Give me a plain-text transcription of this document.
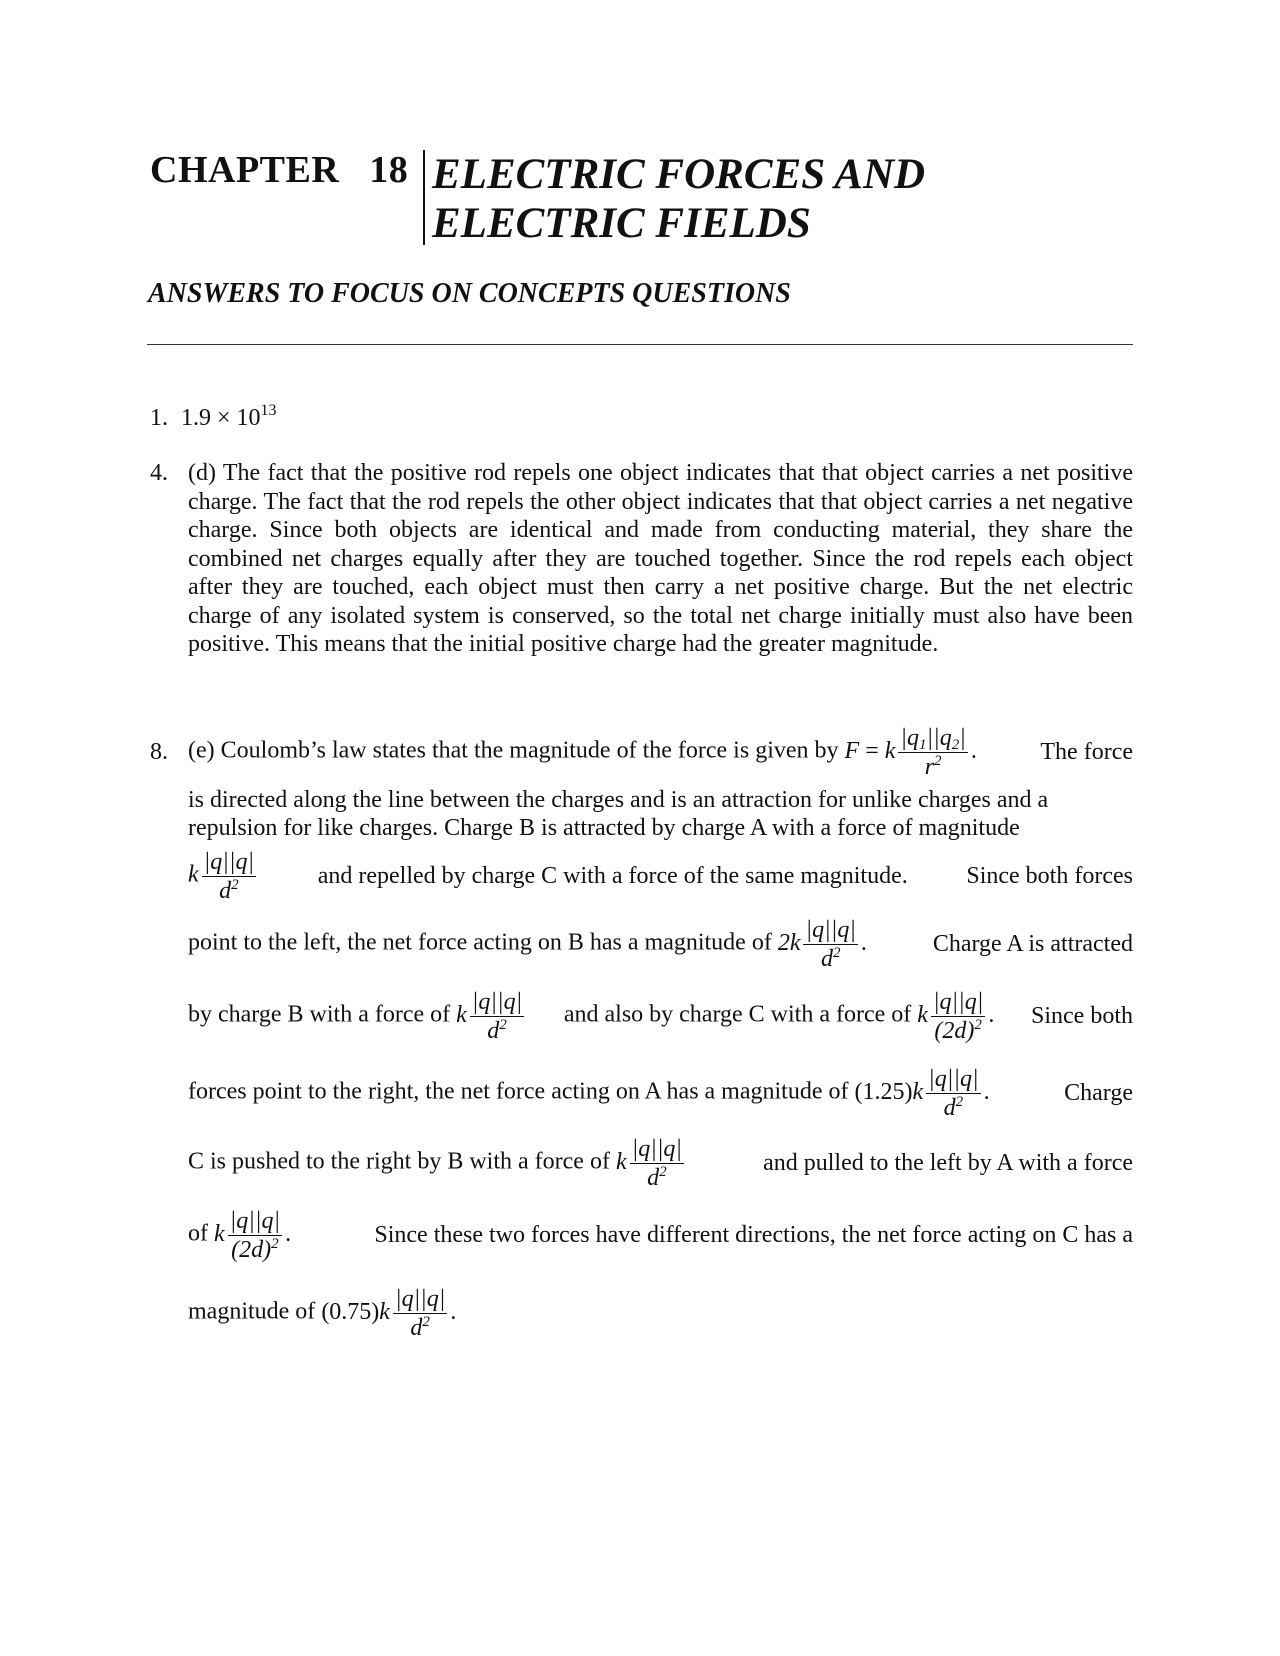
CHAPTER 18 ELECTRIC FORCES AND
ELECTRIC FIELDS
ANSWERS TO FOCUS ON CONCEPTS QUESTIONS
1. $1.9 \times 10^{13}$
4. (d) The fact that the positive rod repels one object indicates that that object carries a net positive charge. The fact that the rod repels the other object indicates that that object carries a net negative charge. Since both objects are identical and made from conducting material, they share the combined net charges equally after they are touched together. Since the rod repels each object after they are touched, each object must then carry a net positive charge. But the net electric charge of any isolated system is conserved, so the total net charge initially must also have been positive. This means that the initial positive charge had the greater magnitude.
8. (e) Coulomb’s law states that the magnitude of the force is given by F = k $\frac{|q_1||q_2|}{r^2}$ .	The force
is directed along the line between the charges and is an attraction for unlike charges and a
repulsion for like charges. Charge B is attracted by charge A with a force of magnitude
k $\frac{|q||q|}{d^2}$	and repelled by charge C with a force of the same magnitude. Since both forces
point to the left, the net force acting on B has a magnitude of $2k \frac{|q||q|}{d^2}$ .	Charge A is attracted
by charge B with a force of k $\frac{|q||q|}{d^2}$ and also by charge C with a force of k $\frac{|q||q|}{(2d)^2}$ . Since both
forces point to the right, the net force acting on A has a magnitude of $(1.25)k \frac{|q||q|}{d^2}$ .	Charge
C is pushed to the right by B with a force of k $\frac{|q||q|}{d^2}$	and pulled to the left by A with a force
of k $\frac{|q||q|}{(2d)^2}$ .	Since these two forces have different directions, the net force acting on C has a
magnitude of $(0.75)k \frac{|q||q|}{d^2}$ .
